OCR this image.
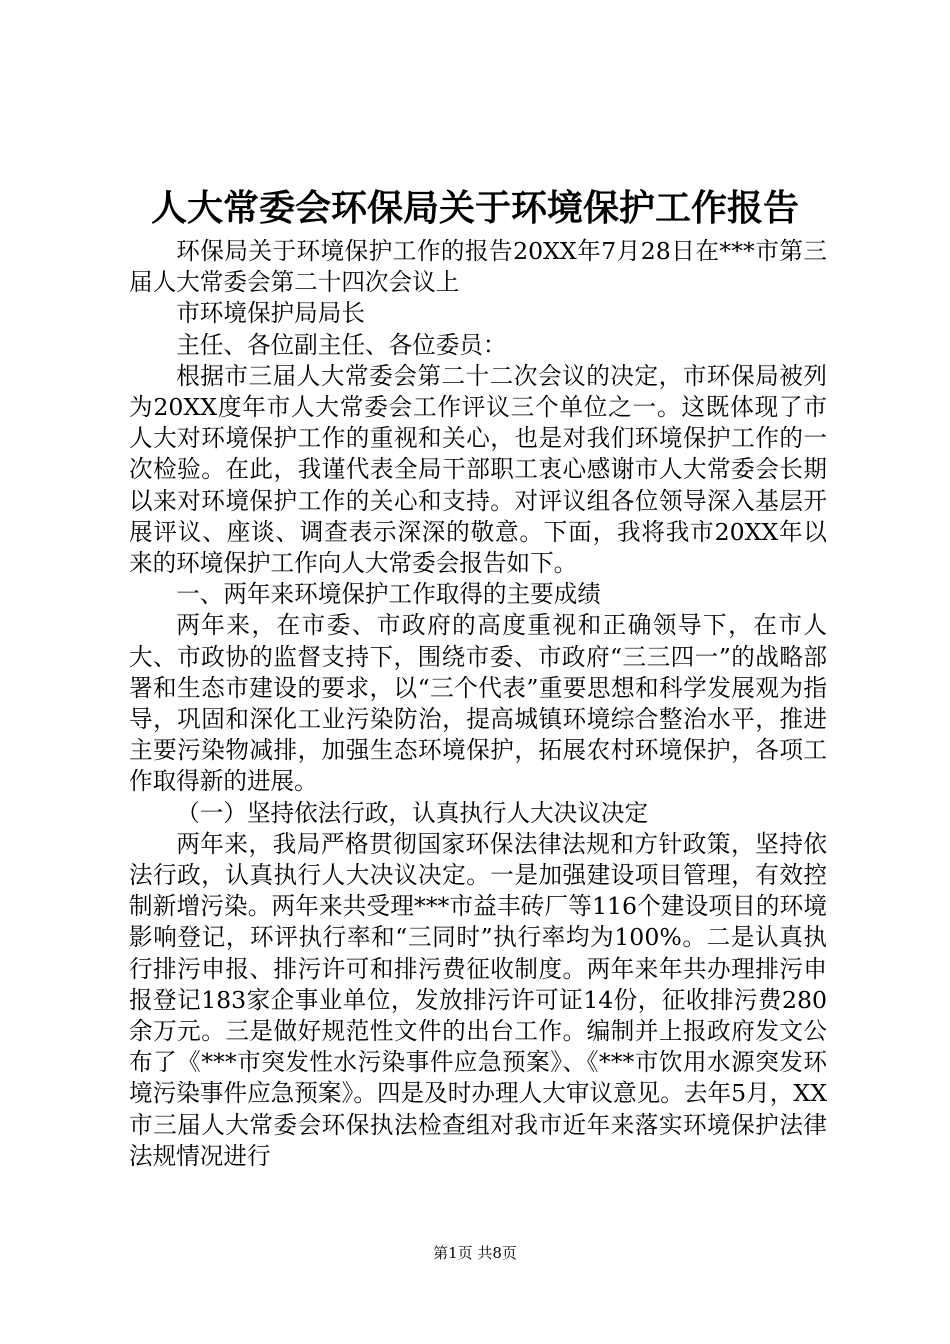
人大常委会环保局关于环境保护工作报告

环保局关于环境保护工作的报告20XX年7月28日在***市第三届人大常委会第二十四次会议上

市环境保护局局长

主任、各位副主任、各位委员：

根据市三届人大常委会第二十二次会议的决定，市环保局被列为20XX度年市人大常委会工作评议三个单位之一。这既体现了市人大对环境保护工作的重视和关心，也是对我们环境保护工作的一次检验。在此，我谨代表全局干部职工衷心感谢市人大常委会长期以来对环境保护工作的关心和支持。对评议组各位领导深入基层开展评议、座谈、调查表示深深的敬意。下面，我将我市20XX年以来的环境保护工作向人大常委会报告如下。

一、两年来环境保护工作取得的主要成绩

两年来，在市委、市政府的高度重视和正确领导下，在市人大、市政协的监督支持下，围绕市委、市政府“三三四一”的战略部署和生态市建设的要求，以“三个代表”重要思想和科学发展观为指导，巩固和深化工业污染防治，提高城镇环境综合整治水平，推进主要污染物减排，加强生态环境保护，拓展农村环境保护，各项工作取得新的进展。

（一）坚持依法行政，认真执行人大决议决定

两年来，我局严格贯彻国家环保法律法规和方针政策，坚持依法行政，认真执行人大决议决定。一是加强建设项目管理，有效控制新增污染。两年来共受理***市益丰砖厂等116个建设项目的环境影响登记，环评执行率和“三同时”执行率均为100%。二是认真执行排污申报、排污许可和排污费征收制度。两年来年共办理排污申报登记183家企事业单位，发放排污许可证14份，征收排污费280余万元。三是做好规范性文件的出台工作。编制并上报政府发文公布了《***市突发性水污染事件应急预案》、《***市饮用水源突发环境污染事件应急预案》。四是及时办理人大审议意见。去年5月，XX市三届人大常委会环保执法检查组对我市近年来落实环境保护法律法规情况进行

第1页 共8页
